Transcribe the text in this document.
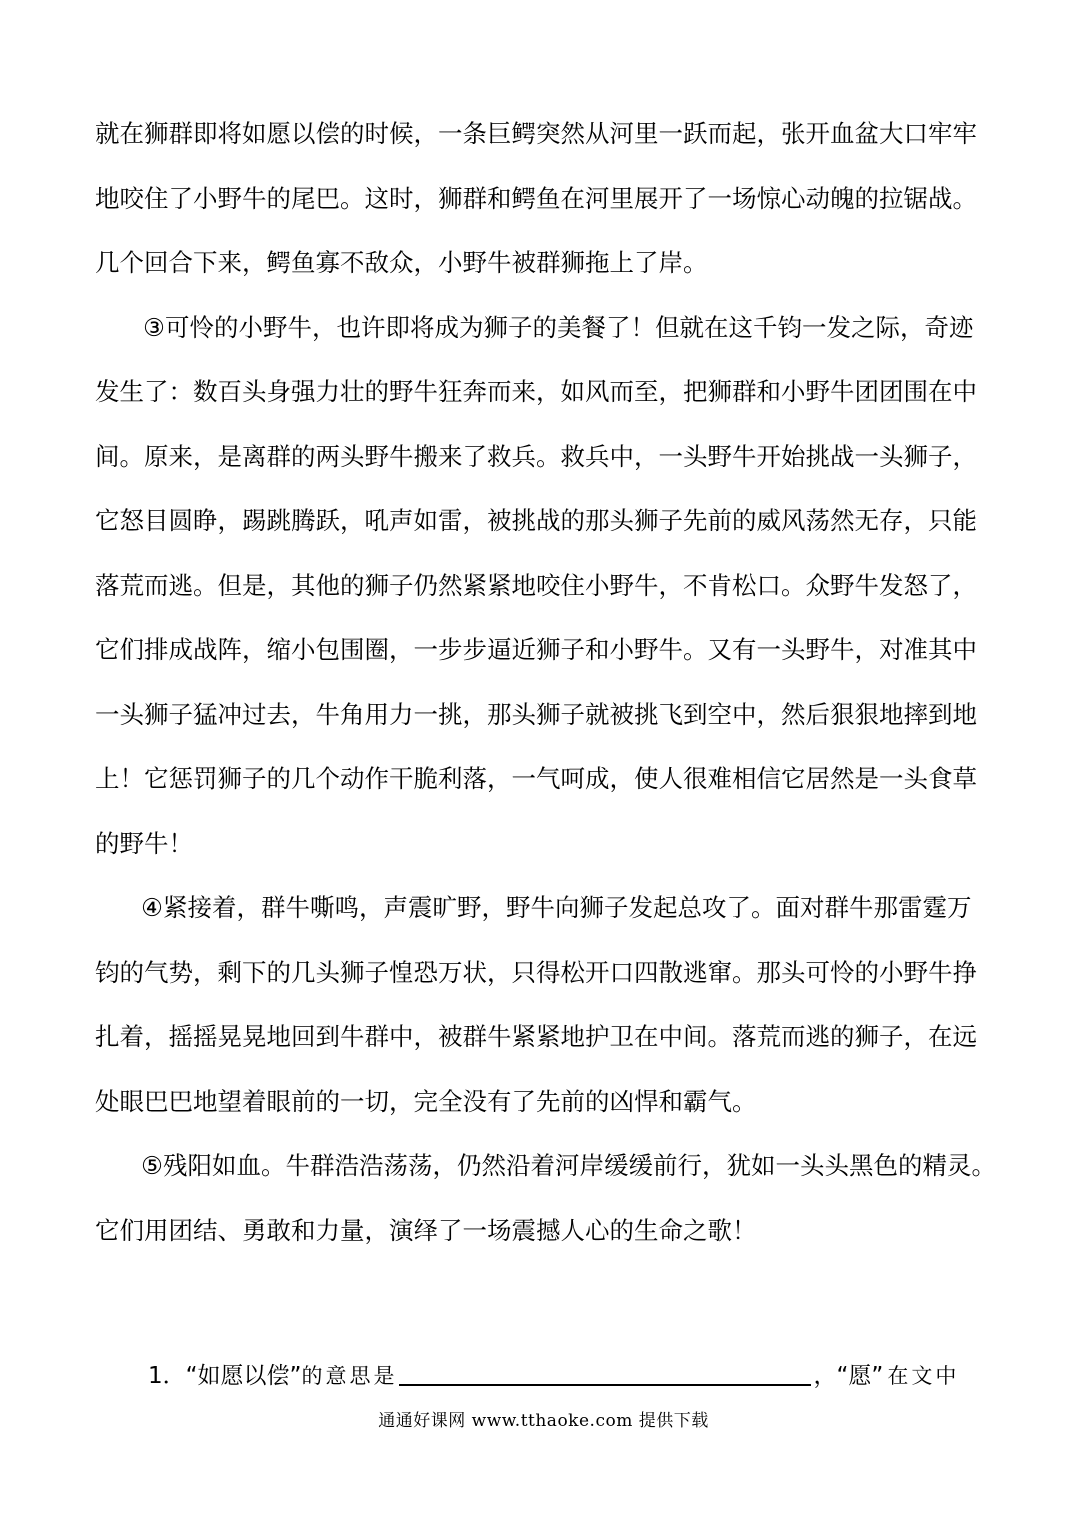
就在狮群即将如愿以偿的时候，一条巨鳄突然从河里一跃而起，张开血盆大口牢牢
地咬住了小野牛的尾巴。这时，狮群和鳄鱼在河里展开了一场惊心动魄的拉锯战。
几个回合下来，鳄鱼寡不敌众，小野牛被群狮拖上了岸。
③可怜的小野牛，也许即将成为狮子的美餐了！但就在这千钧一发之际，奇迹
发生了：数百头身强力壮的野牛狂奔而来，如风而至，把狮群和小野牛团团围在中
间。原来，是离群的两头野牛搬来了救兵。救兵中，一头野牛开始挑战一头狮子，
它怒目圆睁，踢跳腾跃，吼声如雷，被挑战的那头狮子先前的威风荡然无存，只能
落荒而逃。但是，其他的狮子仍然紧紧地咬住小野牛，不肯松口。众野牛发怒了，
它们排成战阵，缩小包围圈，一步步逼近狮子和小野牛。又有一头野牛，对准其中
一头狮子猛冲过去，牛角用力一挑，那头狮子就被挑飞到空中，然后狠狠地摔到地
上！它惩罚狮子的几个动作干脆利落，一气呵成，使人很难相信它居然是一头食草
的野牛！
④紧接着，群牛嘶鸣，声震旷野，野牛向狮子发起总攻了。面对群牛那雷霆万
钧的气势，剩下的几头狮子惶恐万状，只得松开口四散逃窜。那头可怜的小野牛挣
扎着，摇摇晃晃地回到牛群中，被群牛紧紧地护卫在中间。落荒而逃的狮子，在远
处眼巴巴地望着眼前的一切，完全没有了先前的凶悍和霸气。
⑤残阳如血。牛群浩浩荡荡，仍然沿着河岸缓缓前行，犹如一头头黑色的精灵。
它们用团结、勇敢和力量，演绎了一场震撼人心的生命之歌！
1． “如愿以偿” 的意思是	，“愿” 在文中
通通好课网 www.tthaoke.com 提供下载
